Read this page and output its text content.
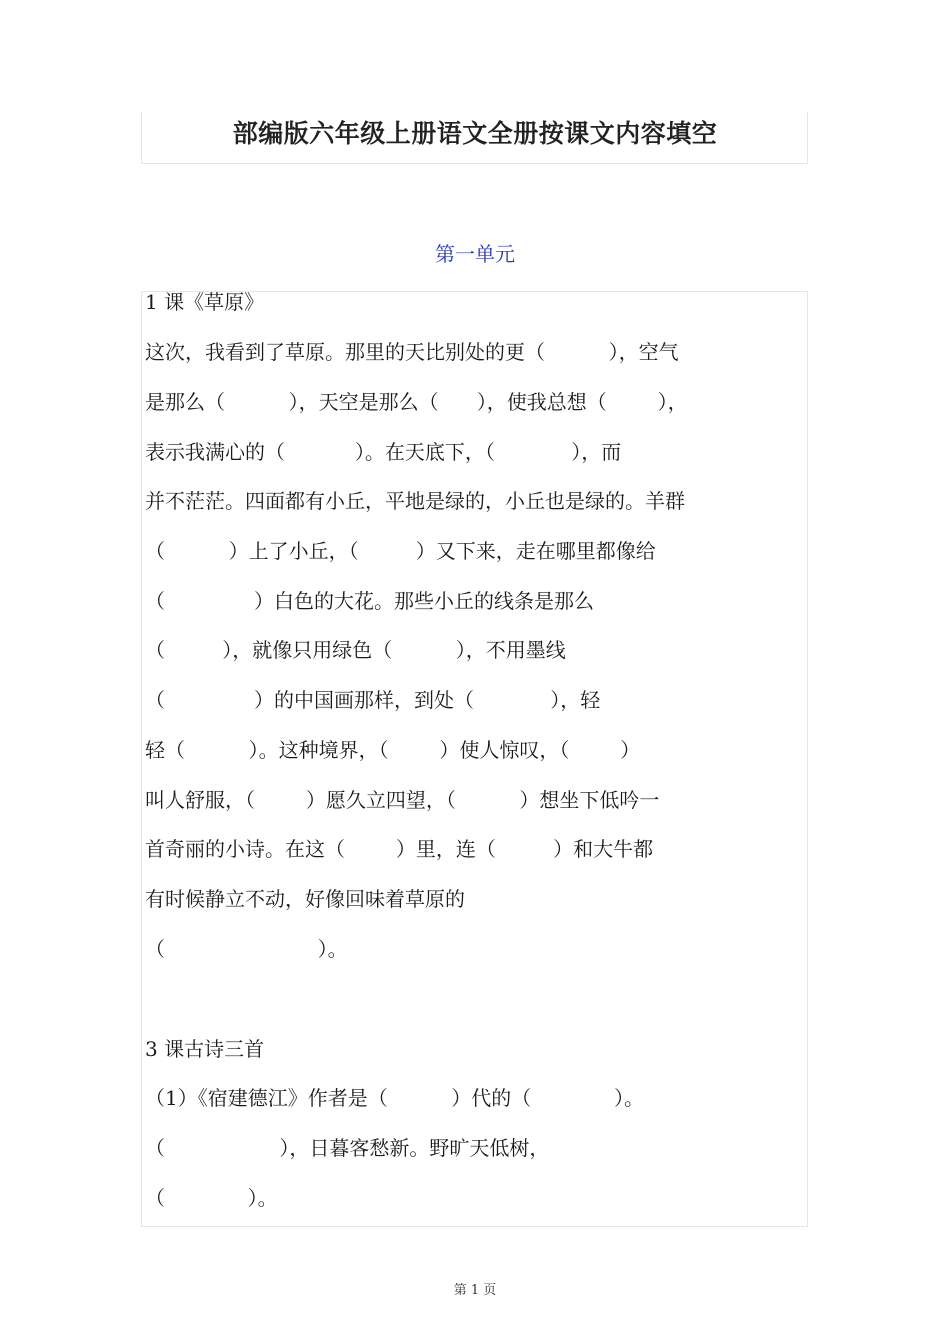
部编版六年级上册语文全册按课文内容填空
第一单元
1 课《草原》
这次，我看到了草原。那里的天比别处的更（          ），空气
是那么（          ），天空是那么（      ），使我总想（        ），
表示我满心的（           ）。在天底下，（            ），而
并不茫茫。四面都有小丘，平地是绿的，小丘也是绿的。羊群
（          ）上了小丘，（         ）又下来，走在哪里都像给
（              ）白色的大花。那些小丘的线条是那么
（         ），就像只用绿色（          ），不用墨线
（              ）的中国画那样，到处（            ），轻
轻（          ）。这种境界，（        ）使人惊叹，（        ）
叫人舒服，（        ）愿久立四望，（          ）想坐下低吟一
首奇丽的小诗。在这（        ）里，连（         ）和大牛都
有时候静立不动，好像回味着草原的
（                        ）。
3 课古诗三首
（1）《宿建德江》作者是（          ）代的（             ）。
（                  ），日暮客愁新。野旷天低树，
（             ）。
第 1 页
